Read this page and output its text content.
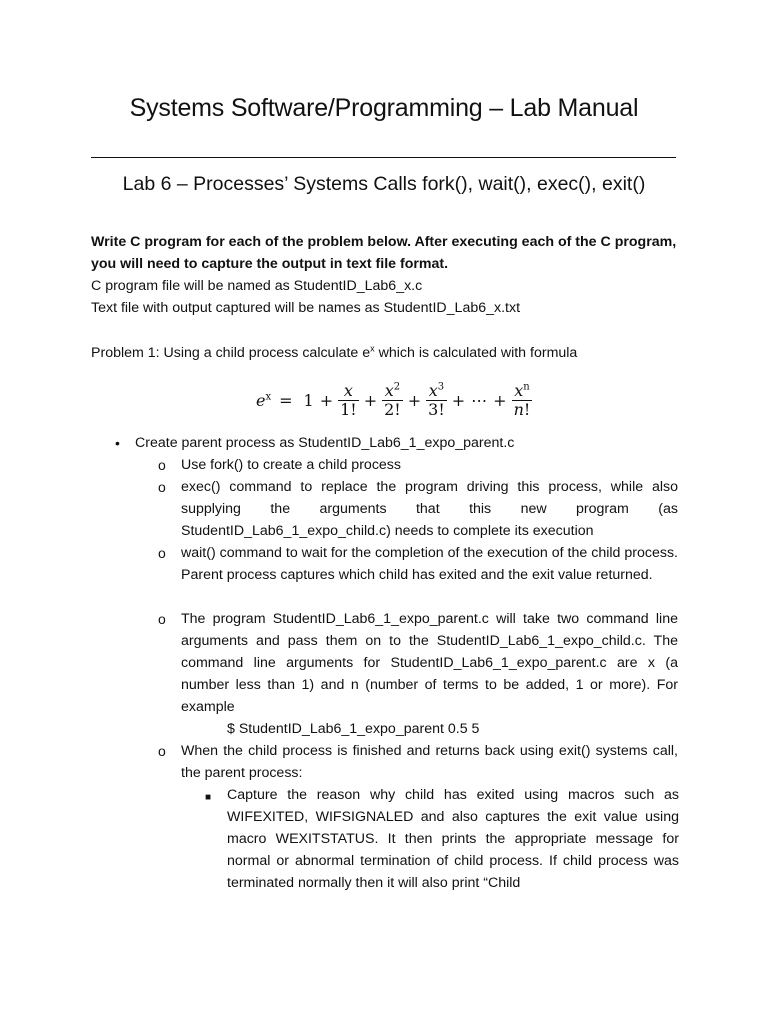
Systems Software/Programming – Lab Manual
Lab 6 – Processes’ Systems Calls fork(), wait(), exec(), exit()

Write C program for each of the problem below. After executing each of the C program, you will need to capture the output in text file format.

C program file will be named as StudentID_Lab6_x.c

Text file with output captured will be names as StudentID_Lab6_x.txt

Problem 1: Using a child process calculate $e^x$ which is calculated with formula

$e^x = 1 + \frac{x}{1!} + \frac{x^2}{2!} + \frac{x^3}{3!}$ + ⋯ + $\frac{x^n}{n!}$
• Create parent process as StudentID_Lab6_1_expo_parent.c
o Use fork() to create a child process
o exec() command to replace the program driving this process, while also supplying the arguments that this new program (as StudentID_Lab6_1_expo_child.c) needs to complete its execution
o wait() command to wait for the completion of the execution of the child process. Parent process captures which child has exited and the exit value returned.
o The program StudentID_Lab6_1_expo_parent.c will take two command line arguments and pass them on to the StudentID_Lab6_1_expo_child.c. The command line arguments for StudentID_Lab6_1_expo_parent.c are x (a number less than 1) and n (number of terms to be added, 1 or more). For example
$ StudentID_Lab6_1_expo_parent 0.5 5
o When the child process is finished and returns back using exit() systems call, the parent process:
■ Capture the reason why child has exited using macros such as WIFEXITED, WIFSIGNALED and also captures the exit value using macro WEXITSTATUS. It then prints the appropriate message for normal or abnormal termination of child process. If child process was terminated normally then it will also print “Child
